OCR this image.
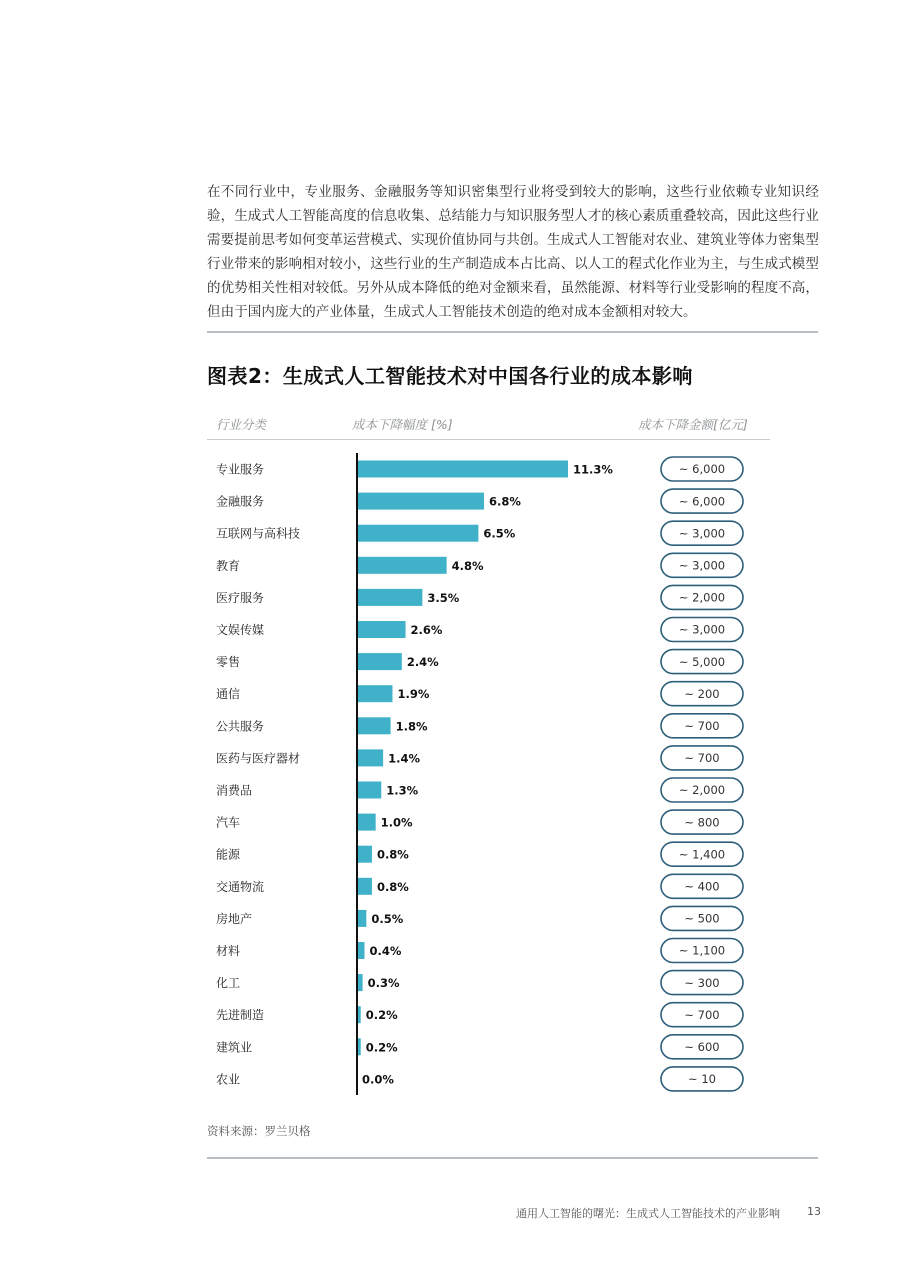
在不同行业中，专业服务、金融服务等知识密集型行业将受到较大的影响，这些行业依赖专业知识经验，生成式人工智能高度的信息收集、总结能力与知识服务型人才的核心素质重叠较高，因此这些行业需要提前思考如何变革运营模式、实现价值协同与共创。生成式人工智能对农业、建筑业等体力密集型行业带来的影响相对较小，这些行业的生产制造成本占比高、以人工的程式化作业为主，与生成式模型的优势相关性相对较低。另外从成本降低的绝对金额来看，虽然能源、材料等行业受影响的程度不高，但由于国内庞大的产业体量，生成式人工智能技术创造的绝对成本金额相对较大。

图表2：生成式人工智能技术对中国各行业的成本影响

行业分类	成本下降幅度 [%]	成本下降金额[亿元]

专业服务	11.3%	~ 6,000
金融服务	6.8%	~ 6,000
互联网与高科技	6.5%	~ 3,000
教育	4.8%	~ 3,000
医疗服务	3.5%	~ 2,000
文娱传媒	2.6%	~ 3,000
零售	2.4%	~ 5,000
通信	1.9%	~ 200
公共服务	1.8%	~ 700
医药与医疗器材	1.4%	~ 700
消费品	1.3%	~ 2,000
汽车	1.0%	~ 800
能源	0.8%	~ 1,400
交通物流	0.8%	~ 400
房地产	0.5%	~ 500
材料	0.4%	~ 1,100
化工	0.3%	~ 300
先进制造	0.2%	~ 700
建筑业	0.2%	~ 600
农业	0.0%	~ 10

资料来源：罗兰贝格

通用人工智能的曙光：生成式人工智能技术的产业影响 13
